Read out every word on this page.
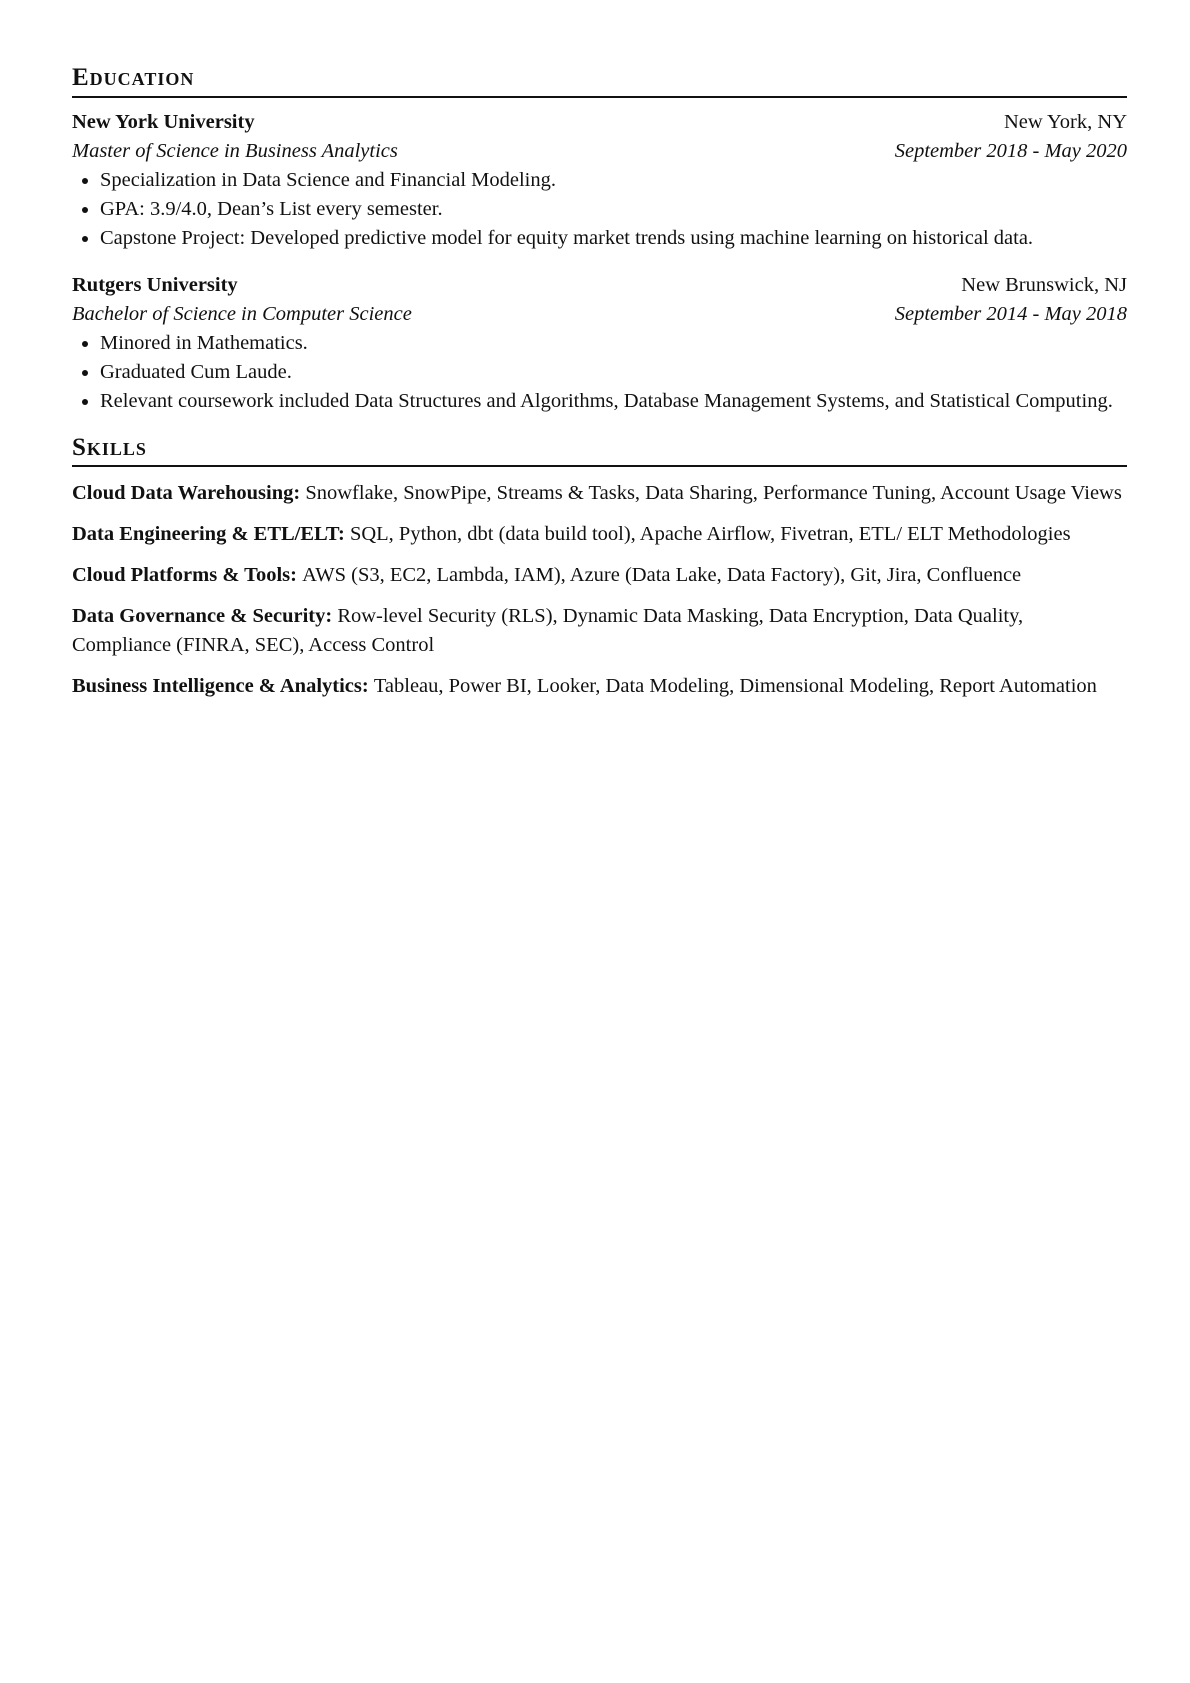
Education
New York University	New York, NY
Master of Science in Business Analytics	September 2018 - May 2020
• Specialization in Data Science and Financial Modeling.
• GPA: 3.9/4.0, Dean’s List every semester.
• Capstone Project: Developed predictive model for equity market trends using machine learning on historical data.
Rutgers University	New Brunswick, NJ
Bachelor of Science in Computer Science	September 2014 - May 2018
• Minored in Mathematics.
• Graduated Cum Laude.
• Relevant coursework included Data Structures and Algorithms, Database Management Systems, and Statistical Computing.
Skills
Cloud Data Warehousing: Snowflake, SnowPipe, Streams & Tasks, Data Sharing, Performance Tuning, Account Usage Views
Data Engineering & ETL/ELT: SQL, Python, dbt (data build tool), Apache Airflow, Fivetran, ETL/ ELT Methodologies
Cloud Platforms & Tools: AWS (S3, EC2, Lambda, IAM), Azure (Data Lake, Data Factory), Git, Jira, Confluence
Data Governance & Security: Row-level Security (RLS), Dynamic Data Masking, Data Encryption, Data Quality, Compliance (FINRA, SEC), Access Control
Business Intelligence & Analytics: Tableau, Power BI, Looker, Data Modeling, Dimensional Modeling, Report Automation
